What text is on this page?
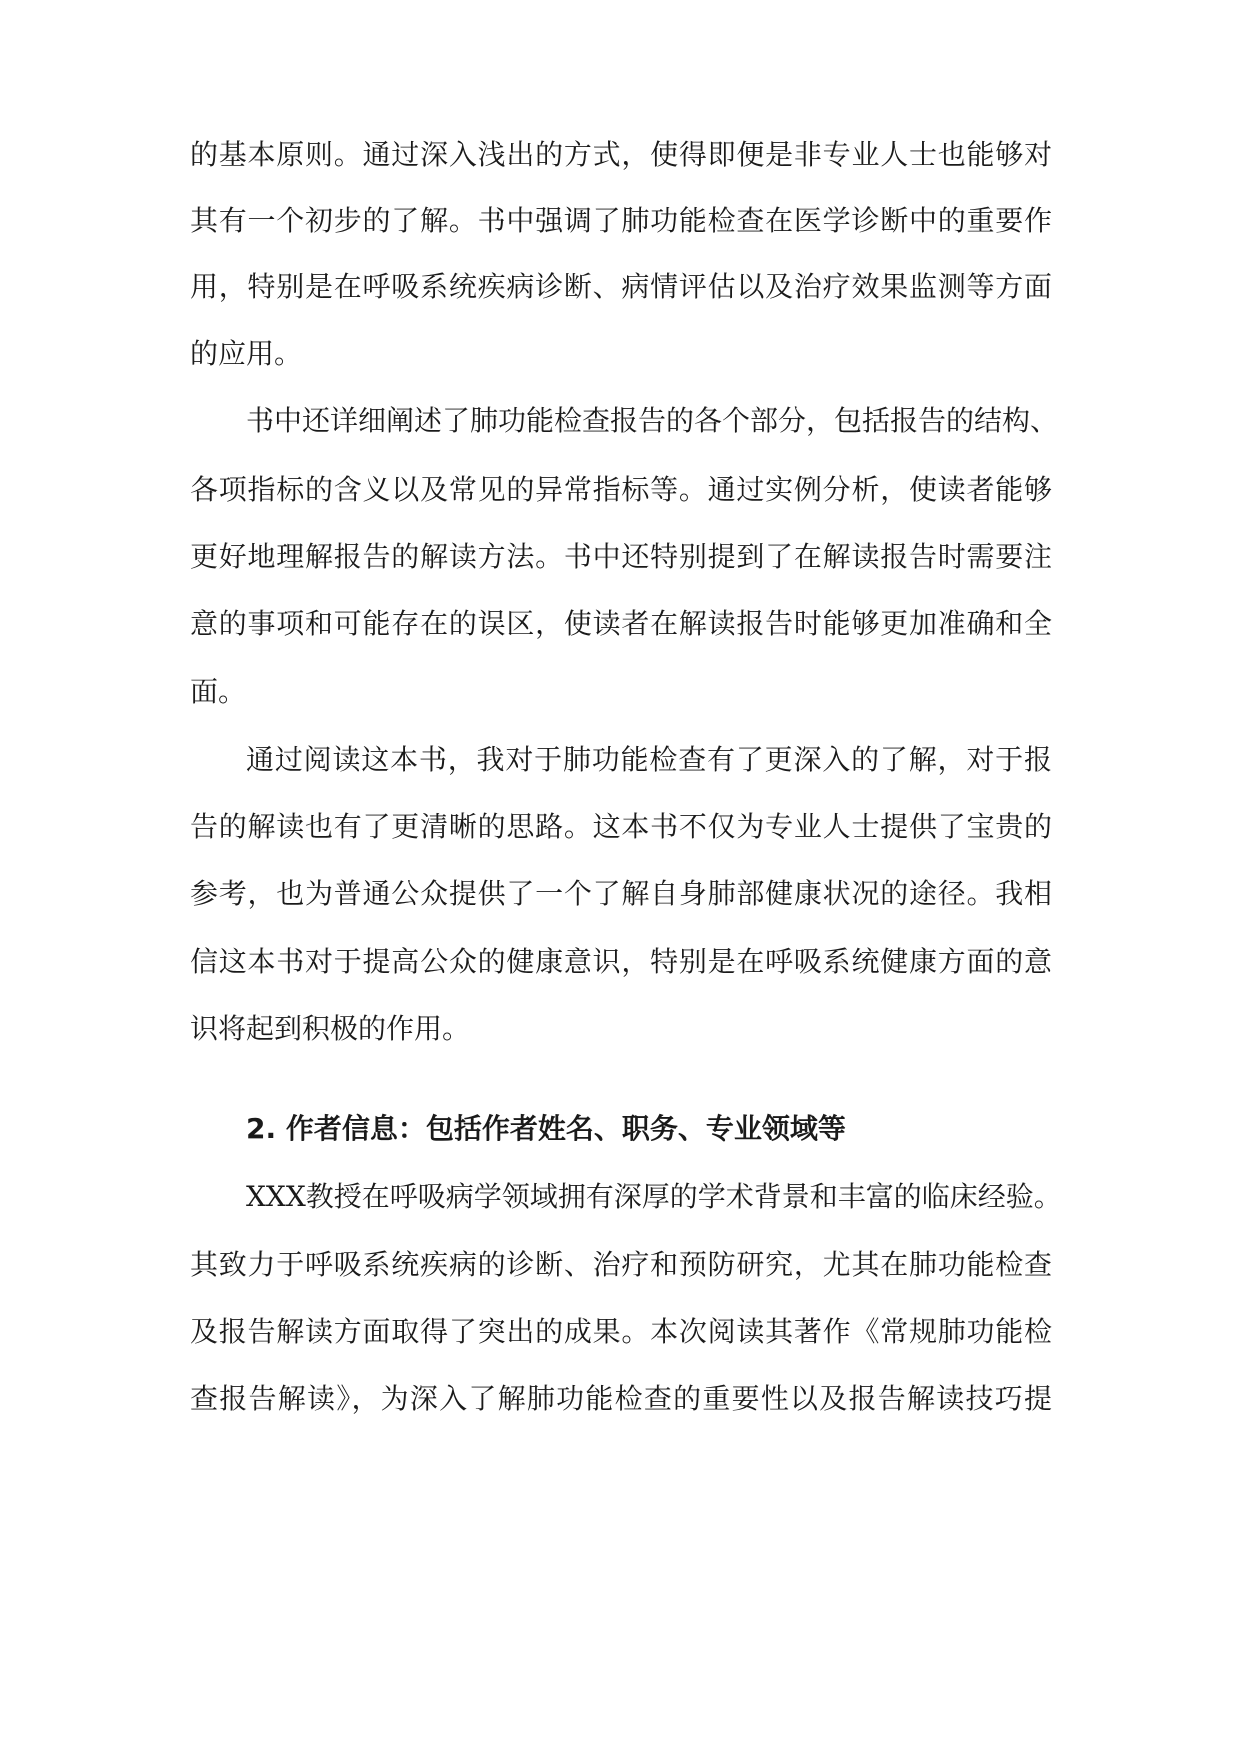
的基本原则。通过深入浅出的方式，使得即便是非专业人士也能够对
其有一个初步的了解。书中强调了肺功能检查在医学诊断中的重要作
用，特别是在呼吸系统疾病诊断、病情评估以及治疗效果监测等方面
的应用。
书中还详细阐述了肺功能检查报告的各个部分，包括报告的结构、
各项指标的含义以及常见的异常指标等。通过实例分析，使读者能够
更好地理解报告的解读方法。书中还特别提到了在解读报告时需要注
意的事项和可能存在的误区，使读者在解读报告时能够更加准确和全
面。
通过阅读这本书，我对于肺功能检查有了更深入的了解，对于报
告的解读也有了更清晰的思路。这本书不仅为专业人士提供了宝贵的
参考，也为普通公众提供了一个了解自身肺部健康状况的途径。我相
信这本书对于提高公众的健康意识，特别是在呼吸系统健康方面的意
识将起到积极的作用。
2. 作者信息：包括作者姓名、职务、专业领域等
XXX教授在呼吸病学领域拥有深厚的学术背景和丰富的临床经验。
其致力于呼吸系统疾病的诊断、治疗和预防研究，尤其在肺功能检查
及报告解读方面取得了突出的成果。本次阅读其著作《常规肺功能检
查报告解读》，为深入了解肺功能检查的重要性以及报告解读技巧提
